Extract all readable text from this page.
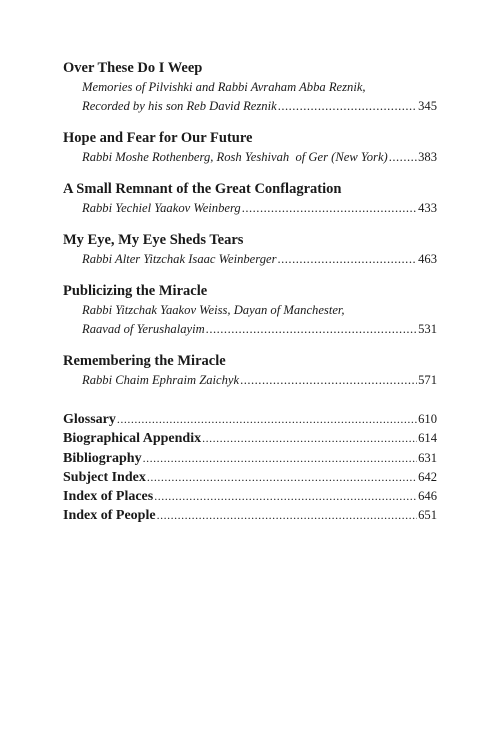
Over These Do I Weep
Memories of Pilvishki and Rabbi Avraham Abba Reznik,
Recorded by his son Reb David Reznik .....	345
Hope and Fear for Our Future
Rabbi Moshe Rothenberg, Rosh Yeshivah  of Ger (New York) ..... 383
A Small Remnant of the Great Conflagration
Rabbi Yechiel Yaakov Weinberg .....	433
My Eye, My Eye Sheds Tears
Rabbi Alter Yitzchak Isaac Weinberger .....	463
Publicizing the Miracle
Rabbi Yitzchak Yaakov Weiss, Dayan of Manchester,
Raavad of Yerushalayim .....	531
Remembering the Miracle
Rabbi Chaim Ephraim Zaichyk .....	571
Glossary .....	610
Biographical Appendix .....	614
Bibliography .....	631
Subject Index .....	642
Index of Places .....	646
Index of People .....	651
